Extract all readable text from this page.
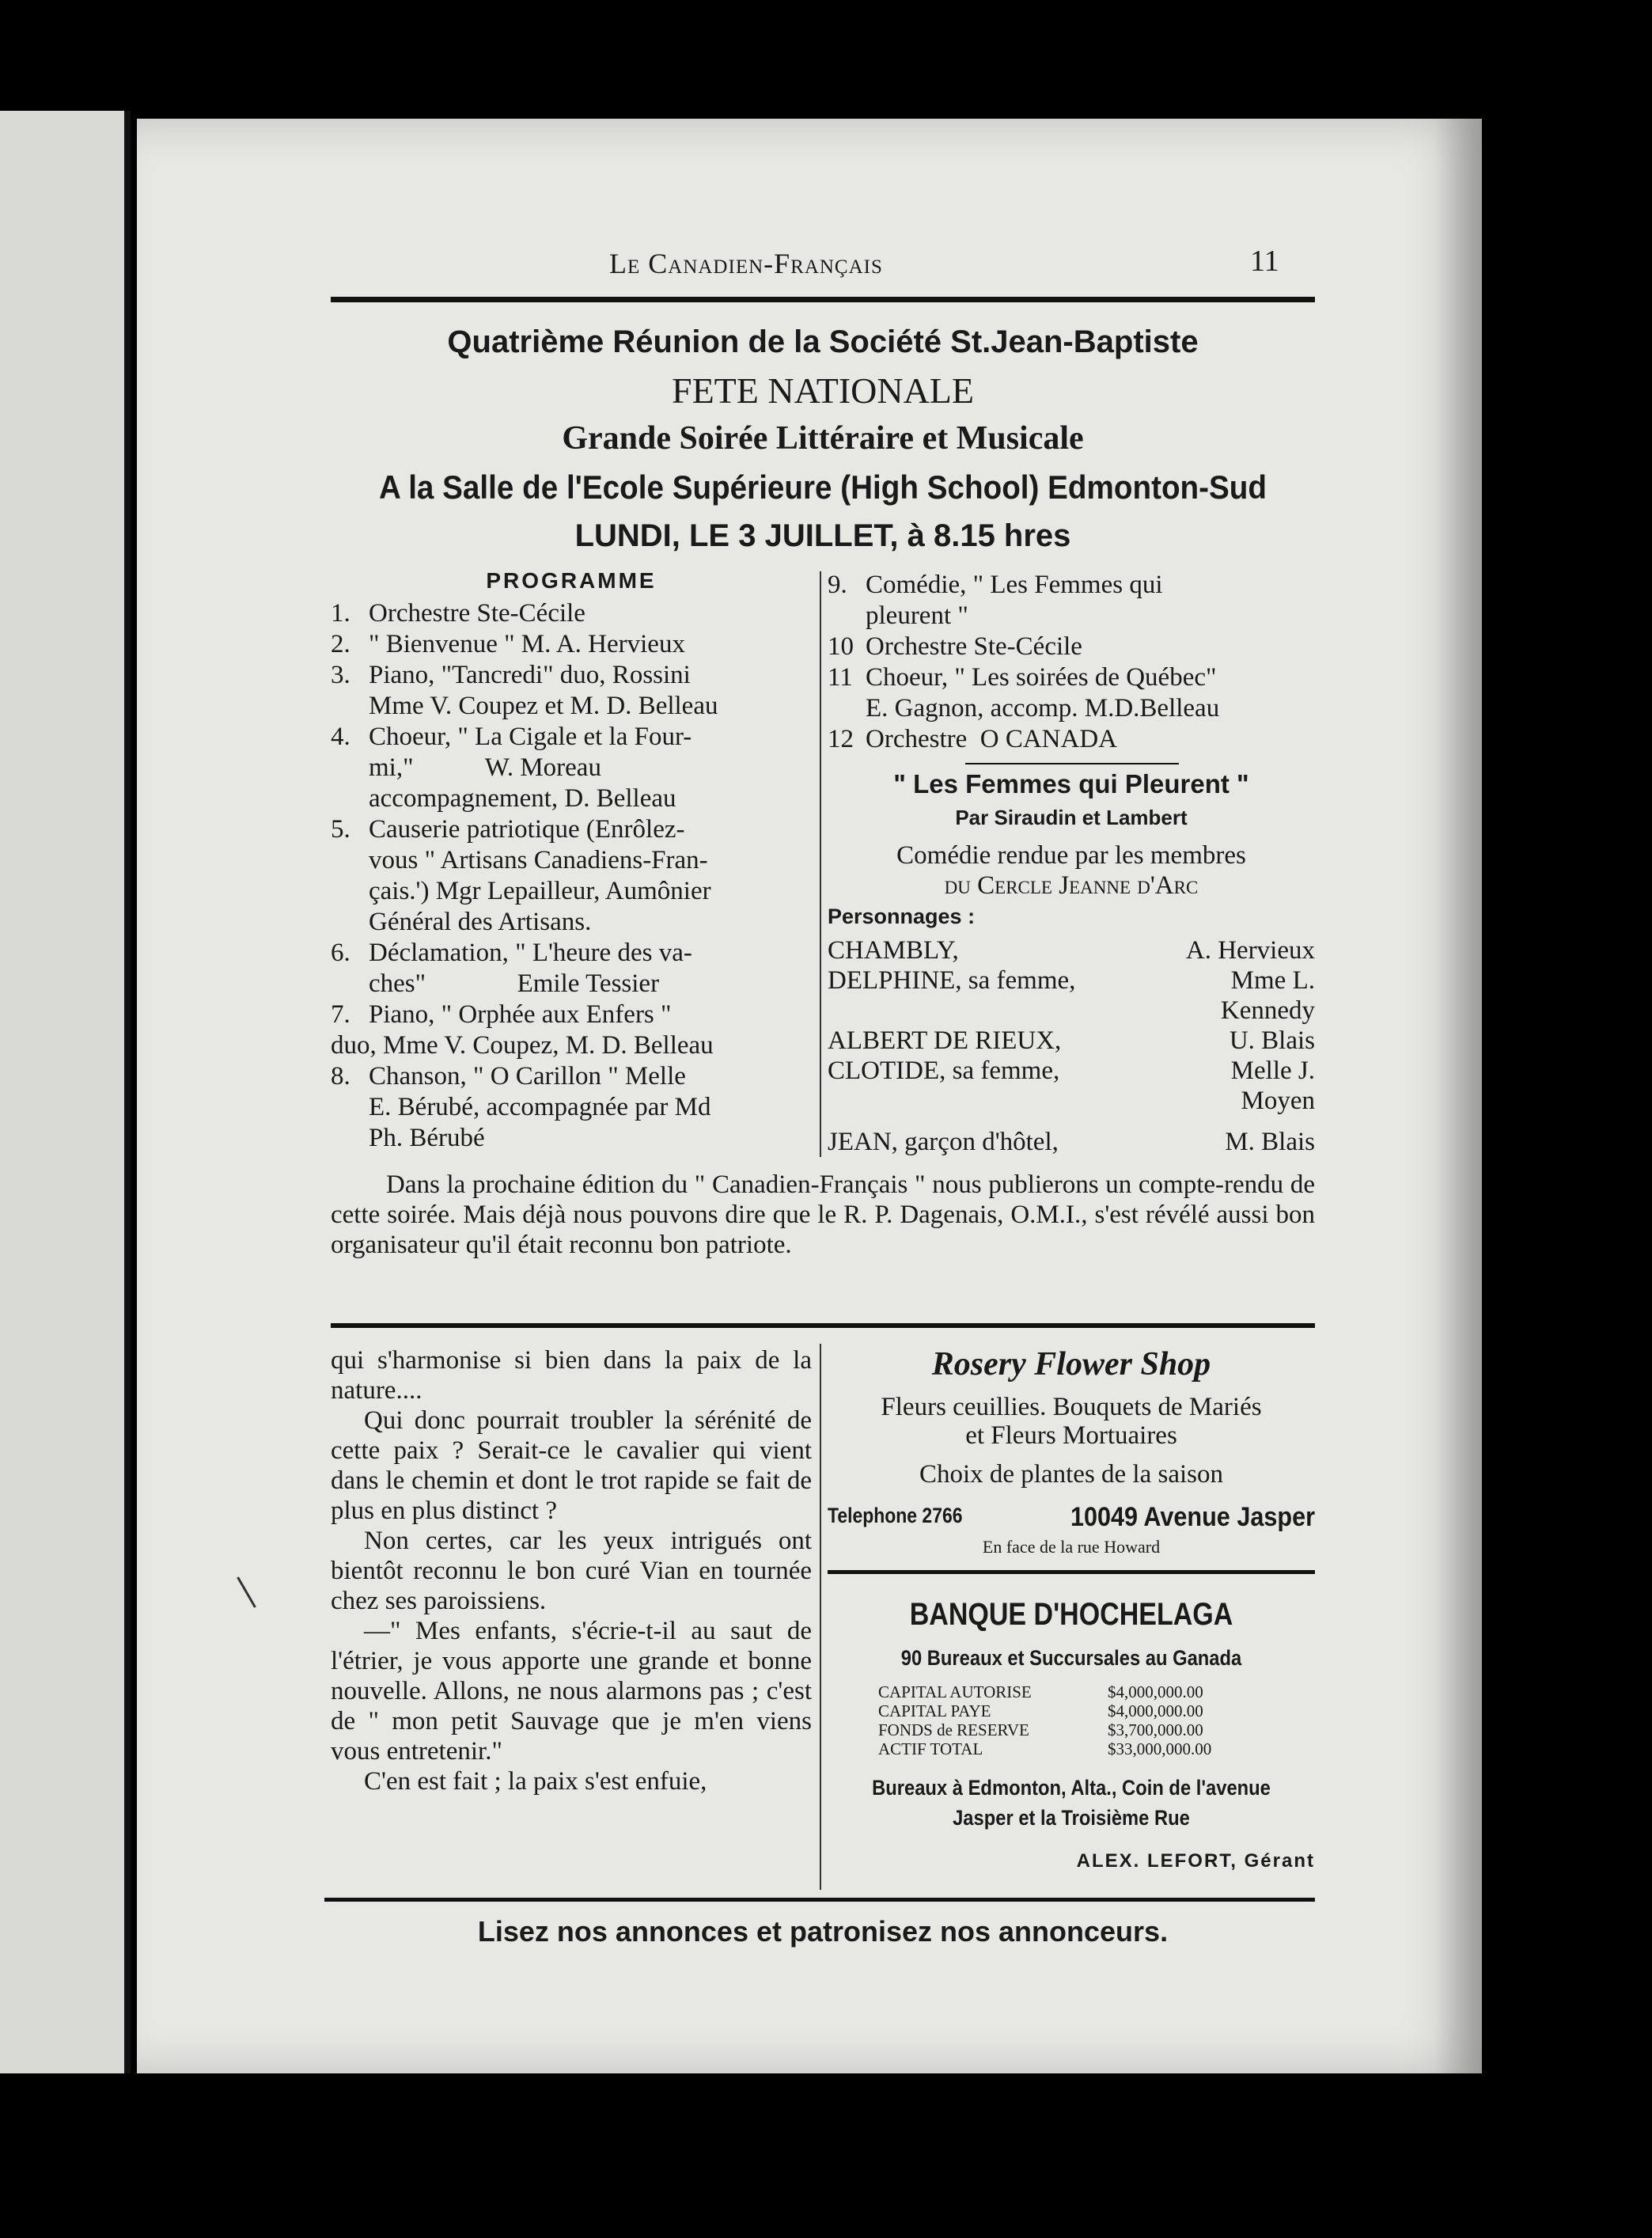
Le Canadien-Français	11
Quatrième Réunion de la Société St.Jean-Baptiste
FETE NATIONALE
Grande Soirée Littéraire et Musicale
A la Salle de l'Ecole Supérieure (High School) Edmonton-Sud
LUNDI, LE 3 JUILLET, à 8.15 hres
PROGRAMME
1. Orchestre Ste-Cécile
2. " Bienvenue " M. A. Hervieux
3. Piano, "Tancredi" duo, Rossini
Mme V. Coupez et M. D. Belleau
4. Choeur, " La Cigale et la Four-
mi,"           W. Moreau
accompagnement, D. Belleau
5. Causerie patriotique (Enrôlez-
vous " Artisans Canadiens-Fran-
çais.') Mgr Lepailleur, Aumônier
Général des Artisans.
6. Déclamation, " L'heure des va-
ches"              Emile Tessier
7. Piano, " Orphée aux Enfers "
duo, Mme V. Coupez, M. D. Belleau
8. Chanson, " O Carillon " Melle
E. Bérubé, accompagnée par Md
Ph. Bérubé
9. Comédie, " Les Femmes qui
pleurent "
10 Orchestre Ste-Cécile
11 Choeur, " Les soirées de Québec"
E. Gagnon, accomp. M.D.Belleau
12 Orchestre  O CANADA
" Les Femmes qui Pleurent "
Par Siraudin et Lambert
Comédie rendue par les membres
du Cercle Jeanne d'Arc
Personnages :
CHAMBLY,	A. Hervieux
DELPHINE, sa femme,	Mme L.
Kennedy
ALBERT DE RIEUX,	U. Blais
CLOTIDE, sa femme,	Melle J.
Moyen
JEAN, garçon d'hôtel,	M. Blais
Dans la prochaine édition du " Canadien-Français " nous publierons un compte-rendu de cette soirée. Mais déjà nous pouvons dire que le R. P. Dagenais, O.M.I., s'est révélé aussi bon organisateur qu'il était reconnu bon patriote.

qui s'harmonise si bien dans la paix de la nature....

Qui donc pourrait troubler la sérénité de cette paix ? Serait-ce le cavalier qui vient dans le chemin et dont le trot rapide se fait de plus en plus distinct ?

Non certes, car les yeux intrigués ont bientôt reconnu le bon curé Vian en tournée chez ses paroissiens.

—" Mes enfants, s'écrie-t-il au saut de l'étrier, je vous apporte une grande et bonne nouvelle. Allons, ne nous alarmons pas ; c'est de " mon petit Sauvage que je m'en viens vous entretenir."

C'en est fait ; la paix s'est enfuie,

Rosery Flower Shop
Fleurs ceuillies. Bouquets de Mariés
et Fleurs Mortuaires
Choix de plantes de la saison
Telephone 2766	10049 Avenue Jasper
En face de la rue Howard
BANQUE D'HOCHELAGA
90 Bureaux et Succursales au Ganada
CAPITAL AUTORISE	$4,000,000.00
CAPITAL PAYE	$4,000,000.00
FONDS de RESERVE	$3,700,000.00
ACTIF TOTAL	$33,000,000.00
Bureaux à Edmonton, Alta., Coin de l'avenue
Jasper et la Troisième Rue
ALEX. LEFORT, Gérant
Lisez nos annonces et patronisez nos annonceurs.
